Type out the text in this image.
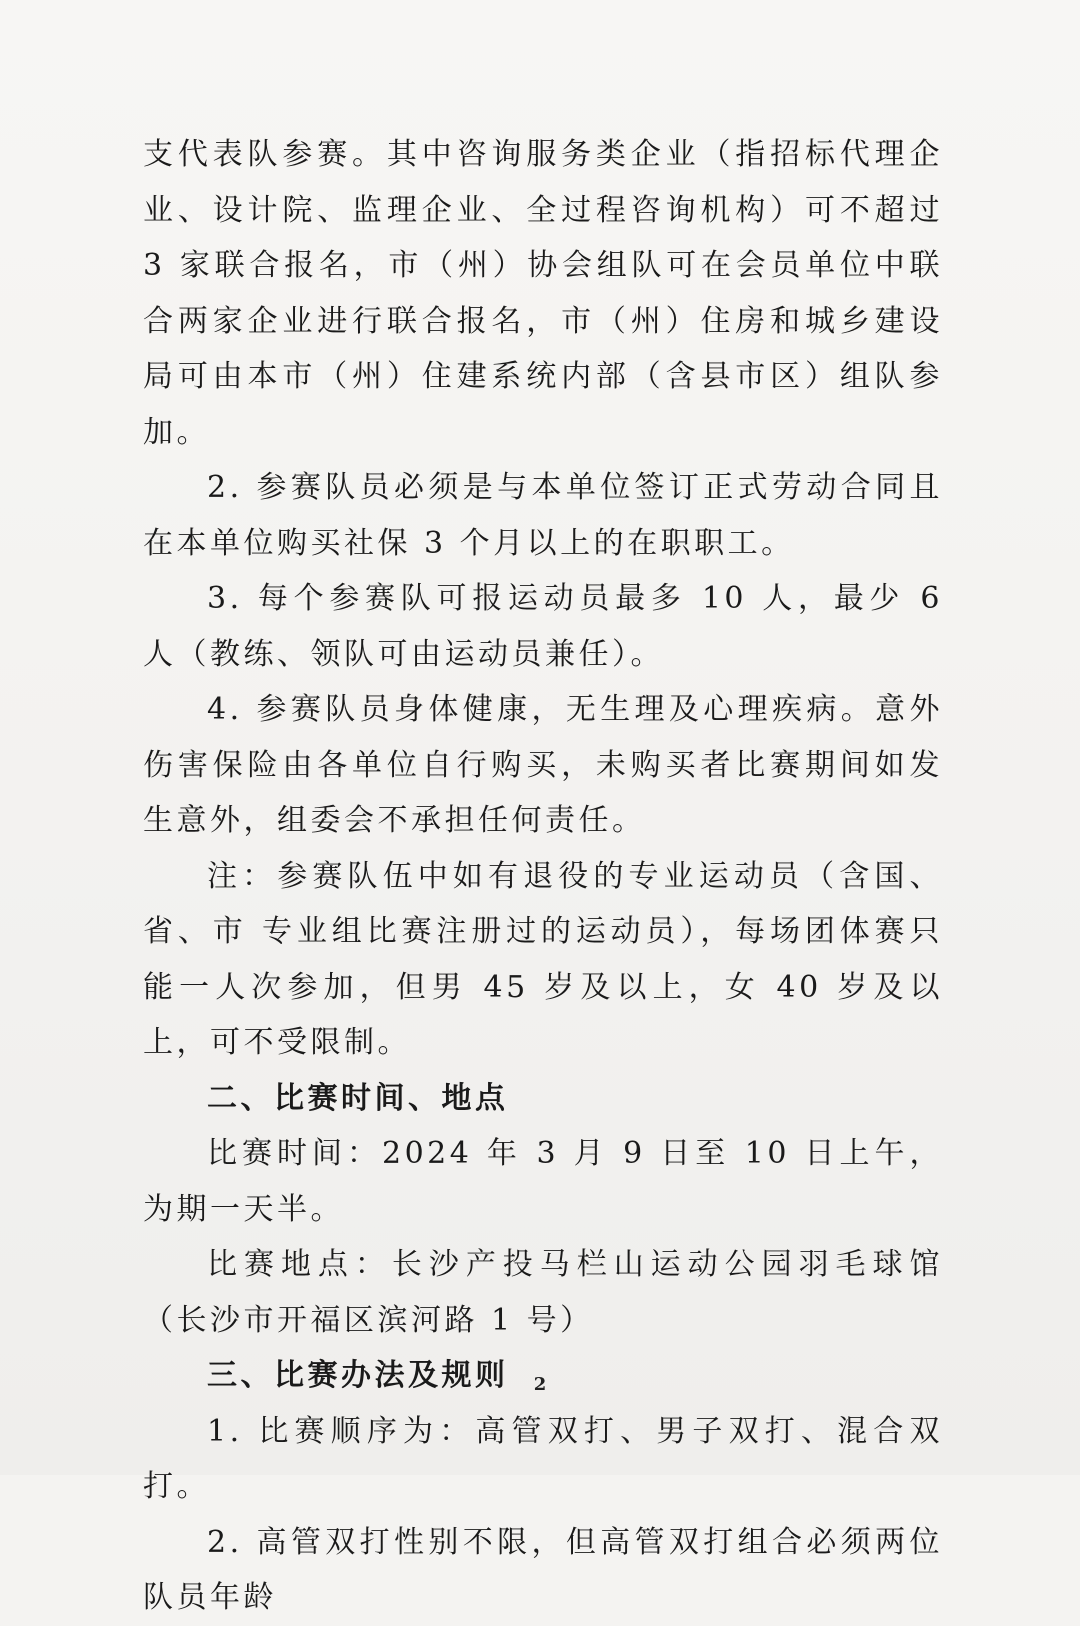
支代表队参赛。其中咨询服务类企业（指招标代理企业、设计院、监理企业、全过程咨询机构）可不超过 3 家联合报名，市（州）协会组队可在会员单位中联合两家企业进行联合报名，市（州）住房和城乡建设局可由本市（州）住建系统内部（含县市区）组队参加。

2. 参赛队员必须是与本单位签订正式劳动合同且在本单位购买社保 3 个月以上的在职职工。

3. 每个参赛队可报运动员最多 10 人，最少 6 人（教练、领队可由运动员兼任）。

4. 参赛队员身体健康，无生理及心理疾病。意外伤害保险由各单位自行购买，未购买者比赛期间如发生意外，组委会不承担任何责任。

注：参赛队伍中如有退役的专业运动员（含国、省、市 专业组比赛注册过的运动员），每场团体赛只能一人次参加，但男 45 岁及以上，女 40 岁及以上，可不受限制。

二、比赛时间、地点

比赛时间：2024 年 3 月 9 日至 10 日上午，为期一天半。

比赛地点：长沙产投马栏山运动公园羽毛球馆（长沙市开福区滨河路 1 号）

三、比赛办法及规则

1. 比赛顺序为：高管双打、男子双打、混合双打。

2. 高管双打性别不限，但高管双打组合必须两位队员年龄

2
